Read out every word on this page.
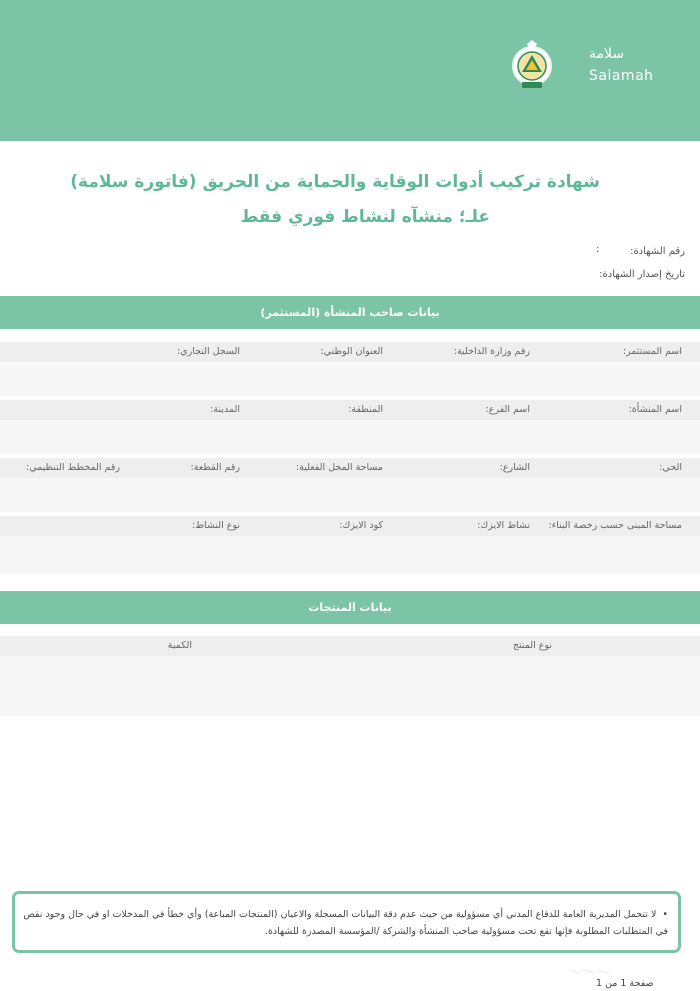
سلامة
Salamah
شهادة تركيب أدوات الوقاية والحماية من الحريق (فاتورة سلامة)
علـ؛ منشآه لنشاط فوري فقط
رقم الشهادة:
:
تاريخ إصدار الشهادة:
بيانات صاحب المنشأة (المستثمر)
اسم المستثمر:
رقم وزارة الداخلية:
العنوان الوطني:
السجل التجاري:
اسم المنشأة:
اسم الفرع:
المنطقة:
المدينة:
الحي:
الشارع:
مساحة المحل الفعلية:
رقم القطعة:
رقم المخطط التنظيمي:
مساحة المبنى حسب رخصة البناء:
نشاط الايزك:
كود الايزك:
نوع النشاط:
بيانات المنتجات
نوع المنتج
الكمية
•لا تتحمل المديرية العامة للدفاع المدني أي مسؤولية من حيث عدم دقة البيانات المسجلة والاعيان (المنتجات المباعة) وأي خطأ في المدخلات او في حال وجود نقص في المتطلبات المطلوبة فإنها تقع تحت مسؤولية صاحب المنشأة والشركة /المؤسسة المصدرة للشهادة.
〜〜〜
صفحة 1 من 1
